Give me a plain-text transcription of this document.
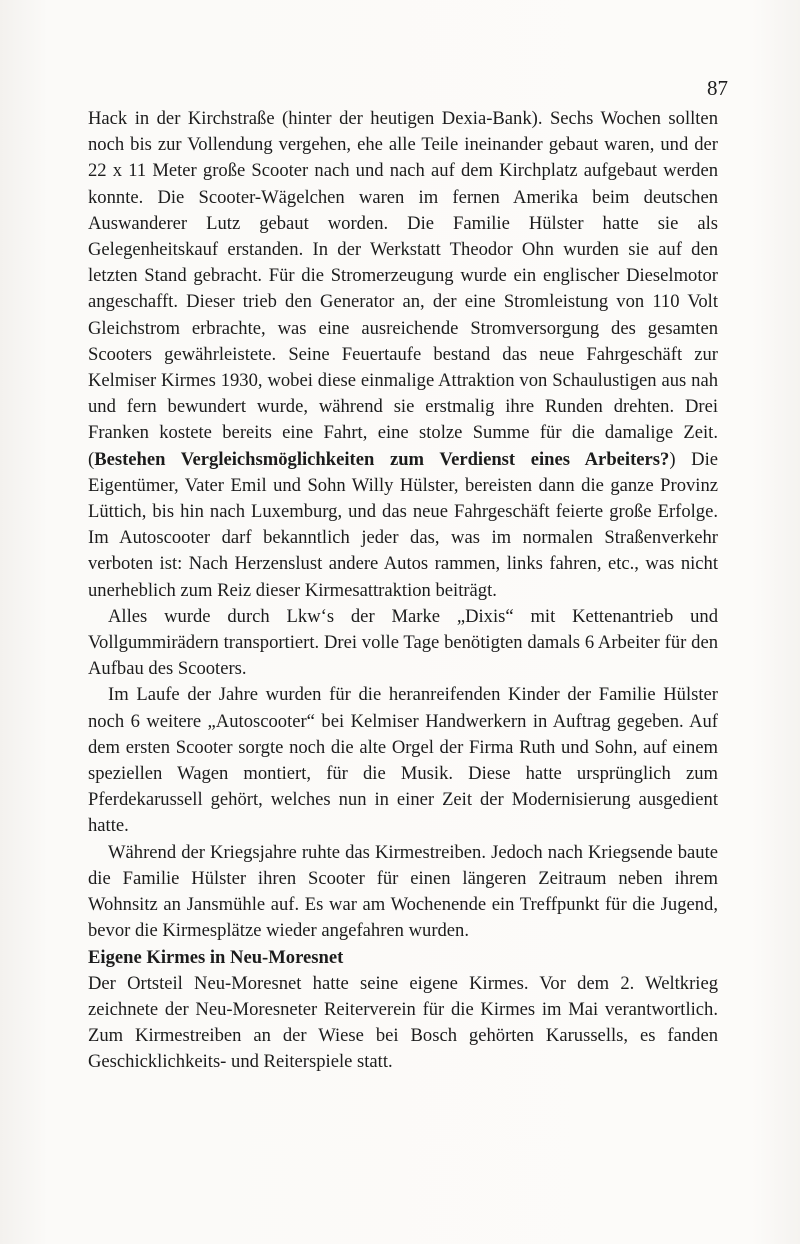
87

Hack in der Kirchstraße (hinter der heutigen Dexia-Bank). Sechs Wochen sollten noch bis zur Vollendung vergehen, ehe alle Teile ineinander gebaut waren, und der 22 x 11 Meter große Scooter nach und nach auf dem Kirchplatz aufgebaut werden konnte. Die Scooter-Wägelchen waren im fernen Amerika beim deutschen Auswanderer Lutz gebaut worden. Die Familie Hülster hatte sie als Gelegenheitskauf erstanden. In der Werkstatt Theodor Ohn wurden sie auf den letzten Stand gebracht. Für die Stromerzeugung wurde ein englischer Dieselmotor angeschafft. Dieser trieb den Generator an, der eine Stromleistung von 110 Volt Gleichstrom erbrachte, was eine ausreichende Stromversorgung des gesamten Scooters gewährleistete. Seine Feuertaufe bestand das neue Fahrgeschäft zur Kelmiser Kirmes 1930, wobei diese einmalige Attraktion von Schaulustigen aus nah und fern bewundert wurde, während sie erstmalig ihre Runden drehten. Drei Franken kostete bereits eine Fahrt, eine stolze Summe für die damalige Zeit. (Bestehen Vergleichsmöglichkeiten zum Verdienst eines Arbeiters?) Die Eigentümer, Vater Emil und Sohn Willy Hülster, bereisten dann die ganze Provinz Lüttich, bis hin nach Luxemburg, und das neue Fahrgeschäft feierte große Erfolge. Im Autoscooter darf bekanntlich jeder das, was im normalen Straßenverkehr verboten ist: Nach Herzenslust andere Autos rammen, links fahren, etc., was nicht unerheblich zum Reiz dieser Kirmesattraktion beiträgt.

Alles wurde durch Lkw‘s der Marke „Dixis“ mit Kettenantrieb und Vollgummirädern transportiert. Drei volle Tage benötigten damals 6 Arbeiter für den Aufbau des Scooters.

Im Laufe der Jahre wurden für die heranreifenden Kinder der Familie Hülster noch 6 weitere „Autoscooter“ bei Kelmiser Handwerkern in Auftrag gegeben. Auf dem ersten Scooter sorgte noch die alte Orgel der Firma Ruth und Sohn, auf einem speziellen Wagen montiert, für die Musik. Diese hatte ursprünglich zum Pferdekarussell gehört, welches nun in einer Zeit der Modernisierung ausgedient hatte.

Während der Kriegsjahre ruhte das Kirmestreiben. Jedoch nach Kriegsende baute die Familie Hülster ihren Scooter für einen längeren Zeitraum neben ihrem Wohnsitz an Jansmühle auf. Es war am Wochenende ein Treffpunkt für die Jugend, bevor die Kirmesplätze wieder angefahren wurden.

Eigene Kirmes in Neu-Moresnet

Der Ortsteil Neu-Moresnet hatte seine eigene Kirmes. Vor dem 2. Weltkrieg zeichnete der Neu-Moresneter Reiterverein für die Kirmes im Mai verantwortlich. Zum Kirmestreiben an der Wiese bei Bosch gehörten Karussells, es fanden Geschicklichkeits- und Reiterspiele statt.
